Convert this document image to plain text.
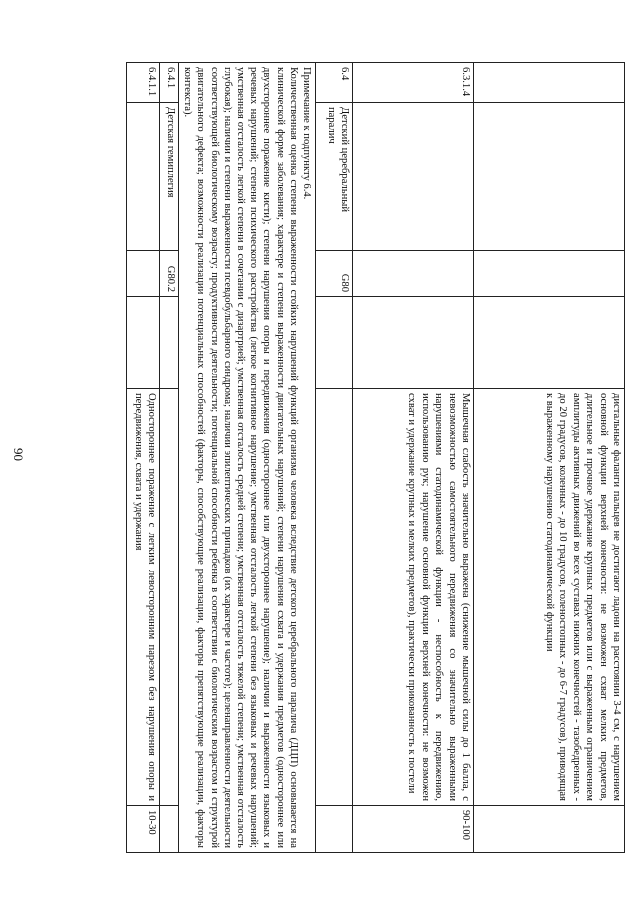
90
					дистальные фаланги пальцев не достигают ладони на расстоянии 3-4 см, с нарушением основной функции верхней конечности: не возможен схват мелких предметов, длительное и прочное удержание крупных предметов или с выраженным ограничением амплитуды активных движений во всех суставах нижних конечностей - тазобедренных - до 20 градусов, коленных - до 10 градусов, голеностопных - до 6-7 градусов), приводящая к выраженному нарушению статодинамической функции	
6.3.1.4				Мышечная слабость значительно выражена (снижение мышечной силы до 1 балла, с невозможностью самостоятельного передвижения со значительно выраженными нарушениями статодинамической функции - неспособность к передвижению, использованию рук; нарушение основной функции верхней конечности: не возможен схват и удержание крупных и мелких предметов), практически прикованность к постели	90-100
6.4	Детский церебральный паралич	G80			

Примечание к подпункту 6.4.
Количественная оценка степени выраженности стойких нарушений функций организма человека вследствие детского церебрального паралича (ДЦП) основывается на клинической форме заболевания; характере и степени выраженности двигательных нарушений; степени нарушения схвата и удержания предметов (одностороннее или двухстороннее поражение кисти); степени нарушения опоры и передвижения (одностороннее или двухстороннее нарушение); наличии и выраженности языковых и речевых нарушений; степени психического расстройства (легкое когнитивное нарушение; умственная отсталость легкой степени без языковых и речевых нарушений; умственная отсталость легкой степени в сочетании с дизартрией; умственная отсталость средней степени; умственная отсталость тяжелой степени; умственная отсталость глубокая); наличии и степени выраженности псевдобульбарного синдрома; наличии эпилептических припадков (их характере и частоте); целенаправленности деятельности соответствующей биологическому возрасту; продуктивности деятельности; потенциальной способности ребенка в соответствии с биологическим возрастом и структурой двигательного дефекта; возможности реализации потенциальных способностей (факторы, способствующие реализации, факторы препятствующие реализации, факторы контекста).					

6.4.1	Детская гемиплегия	G80.2			
6.4.1.1				Одностороннее поражение с легким левосторонним парезом без нарушения опоры и передвижения, схвата и удержания	10-30
